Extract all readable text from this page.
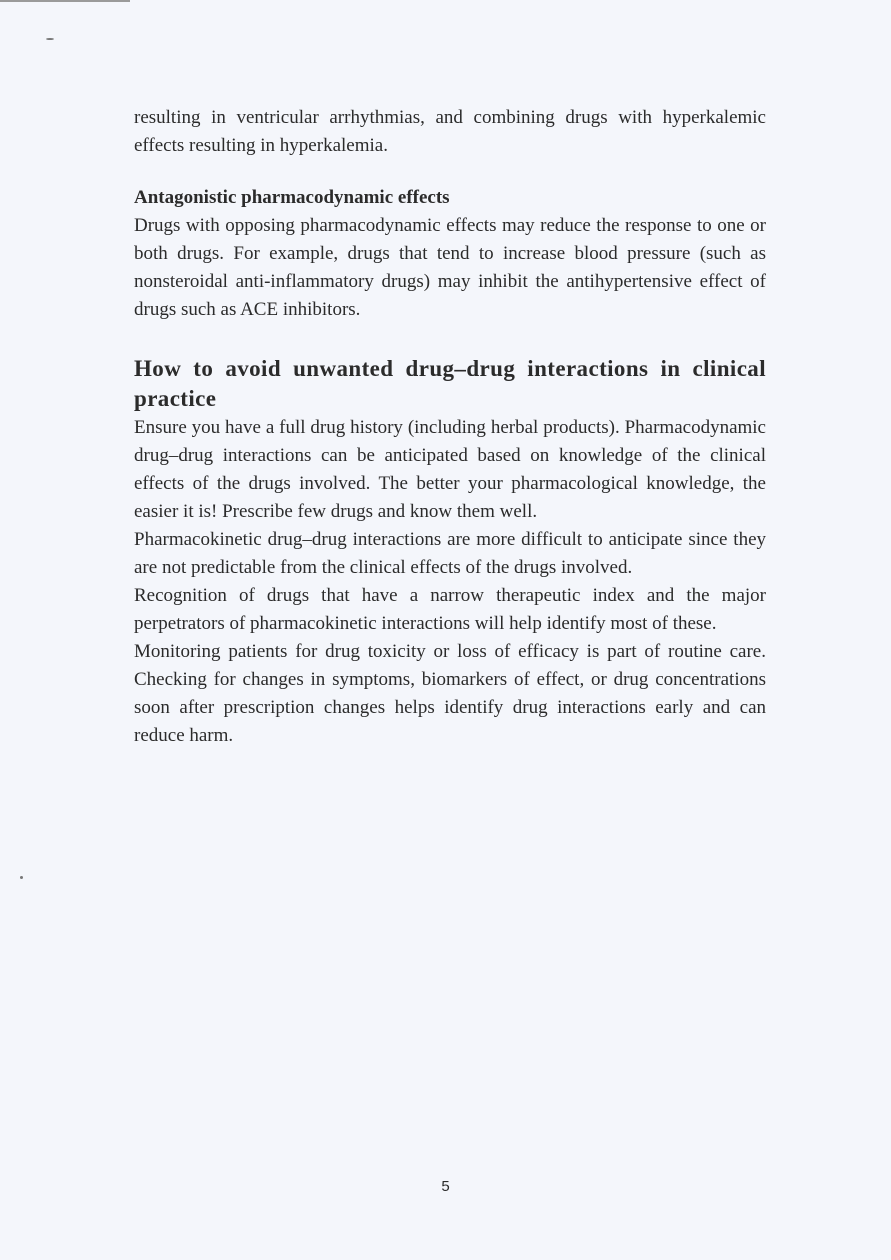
resulting in ventricular arrhythmias, and combining drugs with hyperkalemic effects resulting in hyperkalemia.

Antagonistic pharmacodynamic effects

Drugs with opposing pharmacodynamic effects may reduce the response to one or both drugs. For example, drugs that tend to increase blood pressure (such as nonsteroidal anti-inflammatory drugs) may inhibit the antihypertensive effect of drugs such as ACE inhibitors.

How to avoid unwanted drug–drug interactions in clinical practice

Ensure you have a full drug history (including herbal products). Pharmacodynamic drug–drug interactions can be anticipated based on knowledge of the clinical effects of the drugs involved. The better your pharmacological knowledge, the easier it is! Prescribe few drugs and know them well.

Pharmacokinetic drug–drug interactions are more difficult to anticipate since they are not predictable from the clinical effects of the drugs involved.

Recognition of drugs that have a narrow therapeutic index and the major perpetrators of pharmacokinetic interactions will help identify most of these.

Monitoring patients for drug toxicity or loss of efficacy is part of routine care. Checking for changes in symptoms, biomarkers of effect, or drug concentrations soon after prescription changes helps identify drug interactions early and can reduce harm.

5
